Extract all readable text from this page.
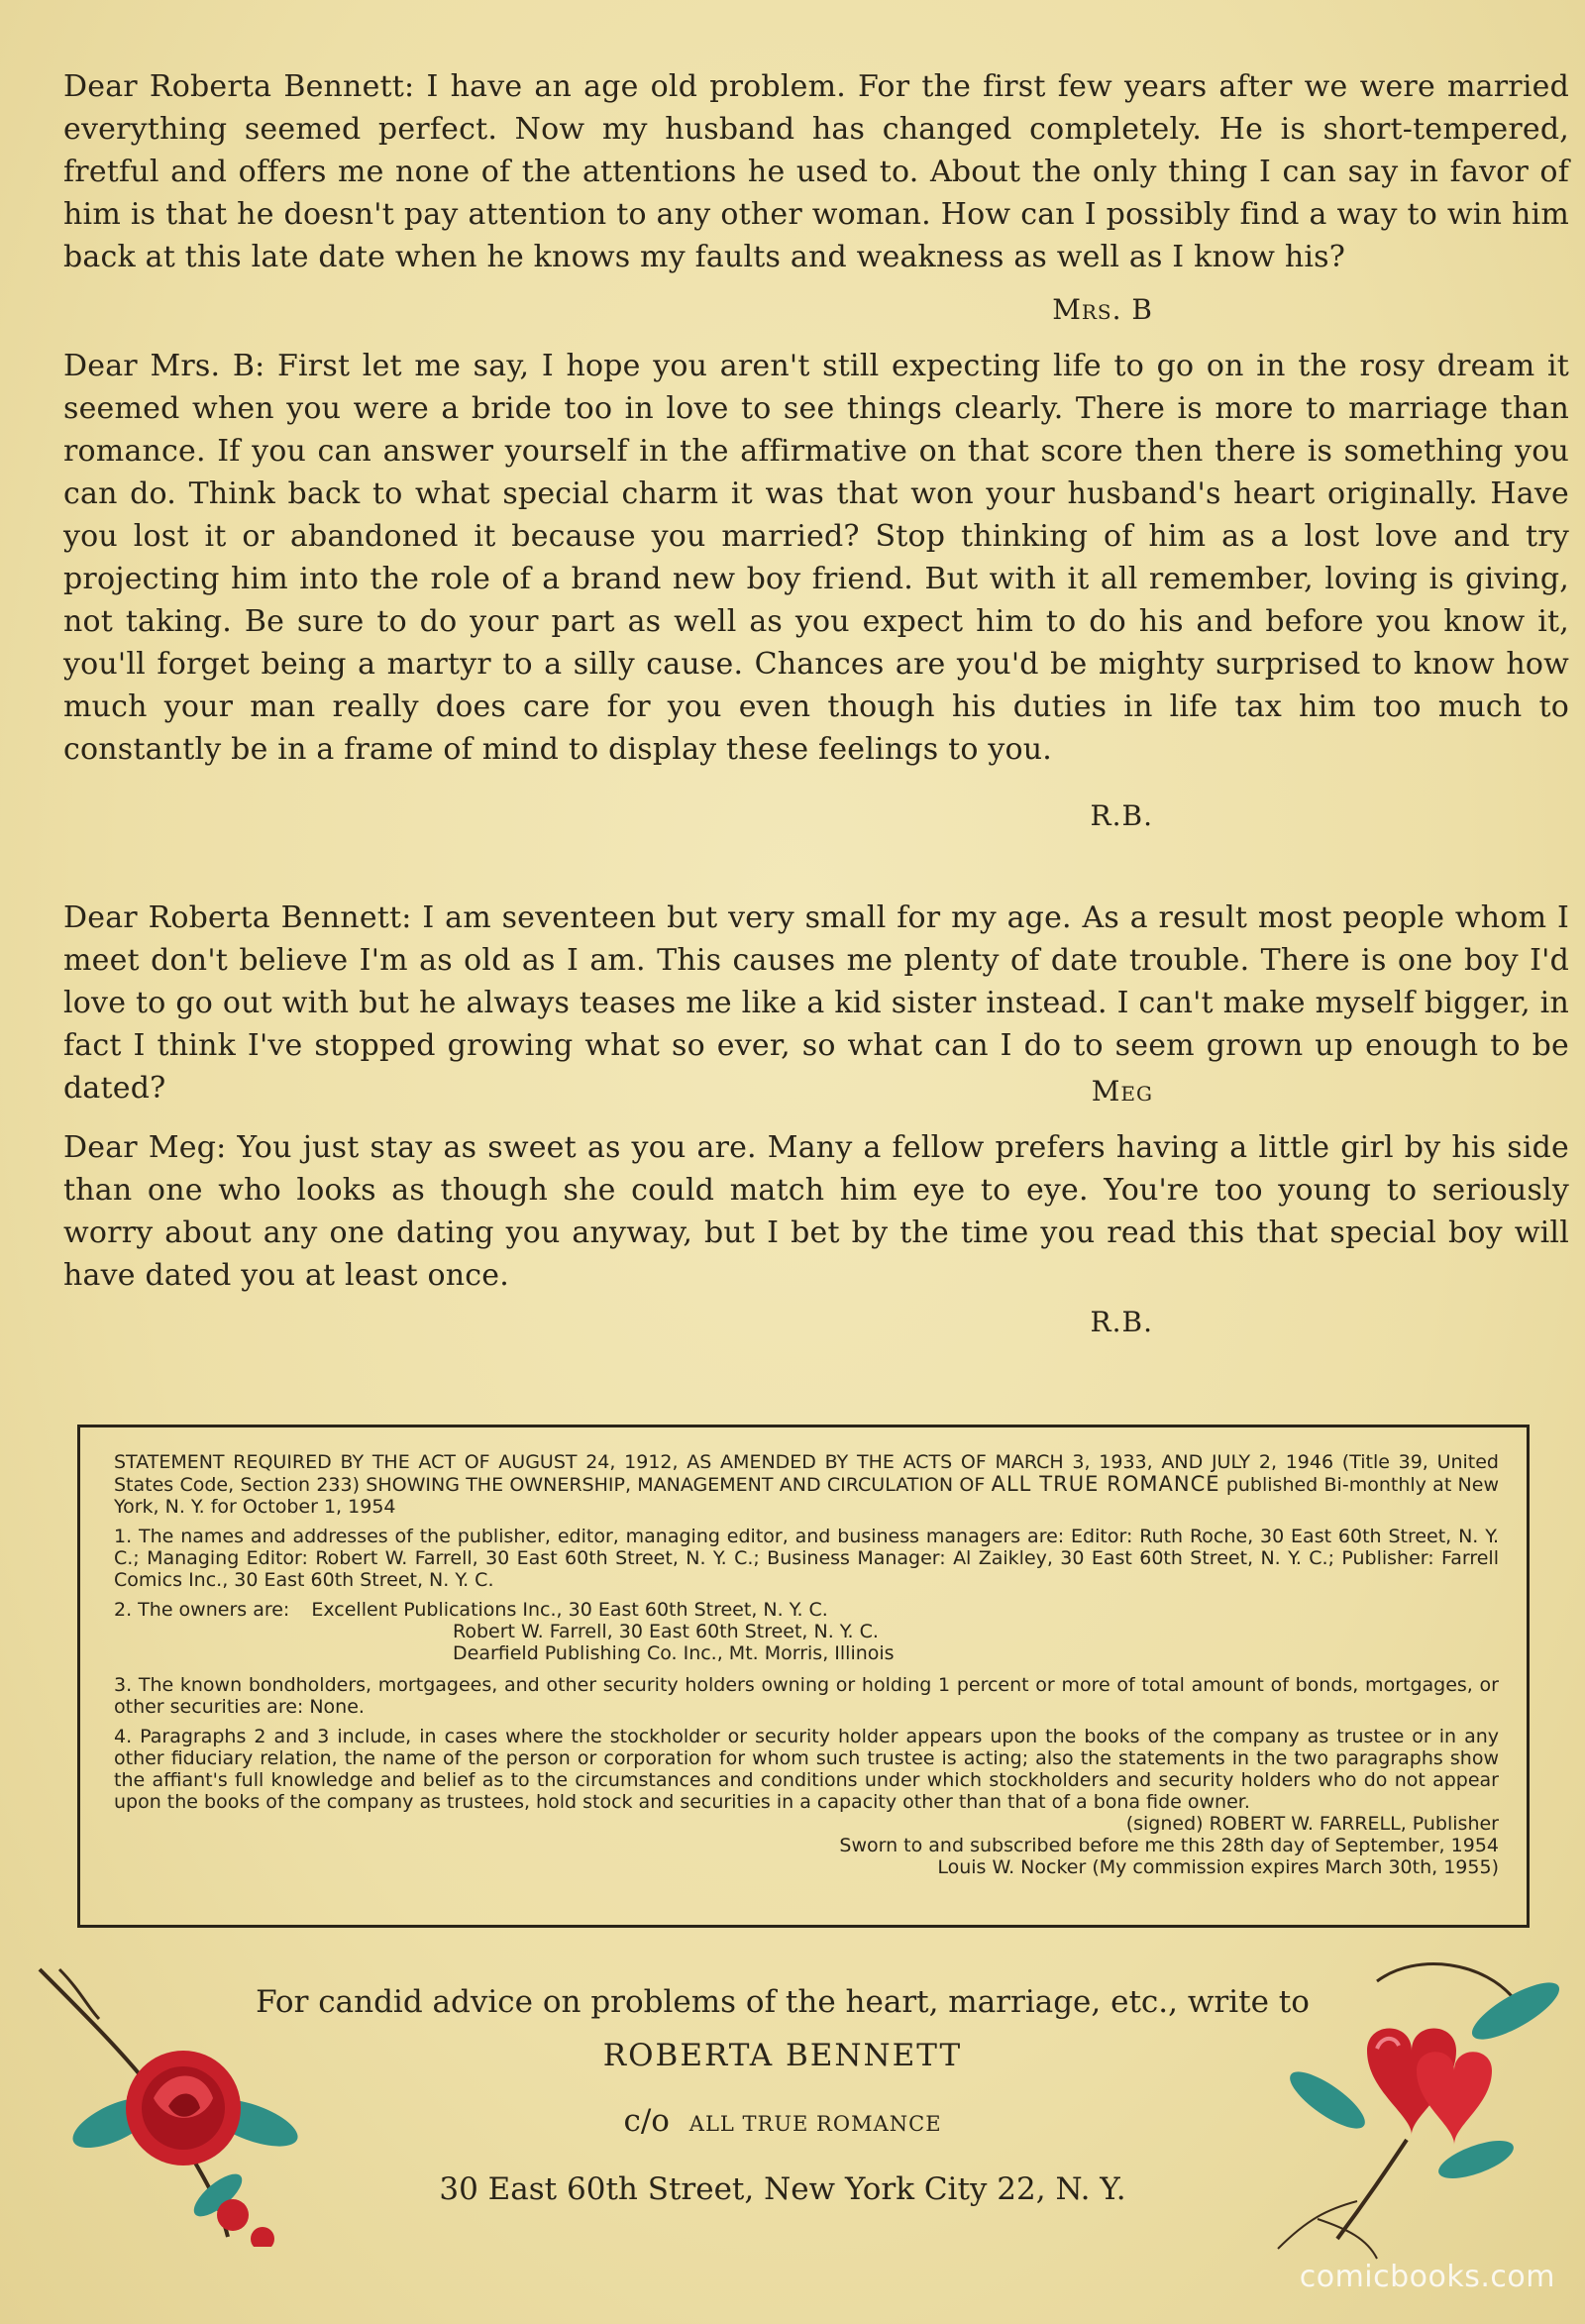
Dear Roberta Bennett: I have an age old problem. For the first few years after we were married everything seemed perfect. Now my husband has changed completely. He is short-tempered, fretful and offers me none of the attentions he used to. About the only thing I can say in favor of him is that he doesn't pay attention to any other woman. How can I possibly find a way to win him back at this late date when he knows my faults and weakness as well as I know his?

Mrs. B

Dear Mrs. B: First let me say, I hope you aren't still expecting life to go on in the rosy dream it seemed when you were a bride too in love to see things clearly. There is more to marriage than romance. If you can answer yourself in the affirmative on that score then there is something you can do. Think back to what special charm it was that won your husband's heart originally. Have you lost it or abandoned it because you married? Stop thinking of him as a lost love and try projecting him into the role of a brand new boy friend. But with it all remember, loving is giving, not taking. Be sure to do your part as well as you expect him to do his and before you know it, you'll forget being a martyr to a silly cause. Chances are you'd be mighty surprised to know how much your man really does care for you even though his duties in life tax him too much to constantly be in a frame of mind to display these feelings to you.

R.B.

Dear Roberta Bennett: I am seventeen but very small for my age. As a result most people whom I meet don't believe I'm as old as I am. This causes me plenty of date trouble. There is one boy I'd love to go out with but he always teases me like a kid sister instead. I can't make myself bigger, in fact I think I've stopped growing what so ever, so what can I do to seem grown up enough to be dated?	Meg

Dear Meg: You just stay as sweet as you are. Many a fellow prefers having a little girl by his side than one who looks as though she could match him eye to eye. You're too young to seriously worry about any one dating you anyway, but I bet by the time you read this that special boy will have dated you at least once.

R.B.

STATEMENT REQUIRED BY THE ACT OF AUGUST 24, 1912, AS AMENDED BY THE ACTS OF MARCH 3, 1933, AND JULY 2, 1946 (Title 39, United States Code, Section 233) SHOWING THE OWNERSHIP, MANAGEMENT AND CIRCULATION OF ALL TRUE ROMANCE published Bi-monthly at New York, N. Y. for October 1, 1954

1. The names and addresses of the publisher, editor, managing editor, and business managers are: Editor: Ruth Roche, 30 East 60th Street, N. Y. C.; Managing Editor: Robert W. Farrell, 30 East 60th Street, N. Y. C.; Business Manager: Al Zaikley, 30 East 60th Street, N. Y. C.; Publisher: Farrell Comics Inc., 30 East 60th Street, N. Y. C.

2. The owners are: Excellent Publications Inc., 30 East 60th Street, N. Y. C.
Robert W. Farrell, 30 East 60th Street, N. Y. C.
Dearfield Publishing Co. Inc., Mt. Morris, Illinois

3. The known bondholders, mortgagees, and other security holders owning or holding 1 percent or more of total amount of bonds, mortgages, or other securities are: None.

4. Paragraphs 2 and 3 include, in cases where the stockholder or security holder appears upon the books of the company as trustee or in any other fiduciary relation, the name of the person or corporation for whom such trustee is acting; also the statements in the two paragraphs show the affiant's full knowledge and belief as to the circumstances and conditions under which stockholders and security holders who do not appear upon the books of the company as trustees, hold stock and securities in a capacity other than that of a bona fide owner.

(signed) ROBERT W. FARRELL, Publisher
Sworn to and subscribed before me this 28th day of September, 1954
Louis W. Nocker (My commission expires March 30th, 1955)
For candid advice on problems of the heart, marriage, etc., write to
ROBERTA BENNETT
c/o ALL TRUE ROMANCE
30 East 60th Street, New York City 22, N. Y.
comicbooks.com
